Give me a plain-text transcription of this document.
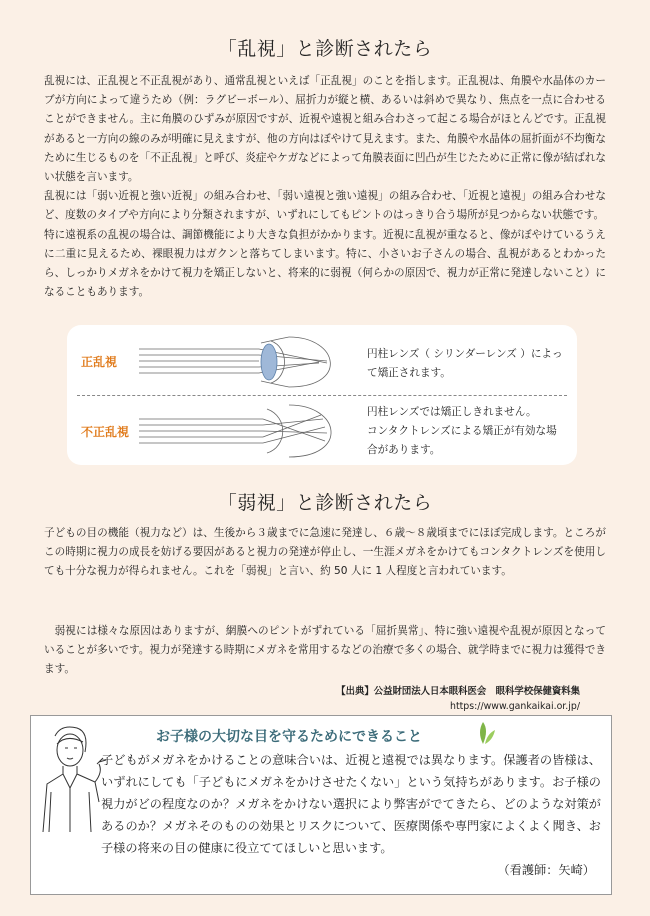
「乱視」と診断されたら

乱視には、正乱視と不正乱視があり、通常乱視といえば「正乱視」のことを指します。正乱視は、角膜や水晶体のカーブが方向によって違うため（例：ラグビーボール）、屈折力が縦と横、あるいは斜めで異なり、焦点を一点に合わせることができません。主に角膜のひずみが原因ですが、近視や遠視と組み合わさって起こる場合がほとんどです。正乱視があると一方向の線のみが明確に見えますが、他の方向はぼやけて見えます。また、角膜や水晶体の屈折面が不均衡なために生じるものを「不正乱視」と呼び、炎症やケガなどによって角膜表面に凹凸が生じたために正常に像が結ばれない状態を言います。

乱視には「弱い近視と強い近視」の組み合わせ、「弱い遠視と強い遠視」の組み合わせ、「近視と遠視」の組み合わせなど、度数のタイプや方向により分類されますが、いずれにしてもピントのはっきり合う場所が見つからない状態です。

特に遠視系の乱視の場合は、調節機能により大きな負担がかかります。近視に乱視が重なると、像がぼやけているうえに二重に見えるため、裸眼視力はガクンと落ちてしまいます。特に、小さいお子さんの場合、乱視があるとわかったら、しっかりメガネをかけて視力を矯正しないと、将来的に弱視（何らかの原因で、視力が正常に発達しないこと）になることもあります。

正乱視
円柱レンズ（ シリンダーレンズ ）によって矯正されます。
不正乱視
円柱レンズでは矯正しきれません。
コンタクトレンズによる矯正が有効な場合があります。
「弱視」と診断されたら
子どもの目の機能（視力など）は、生後から３歳までに急速に発達し、６歳〜８歳頃までにほぼ完成します。ところがこの時期に視力の成長を妨げる要因があると視力の発達が停止し、一生涯メガネをかけてもコンタクトレンズを使用しても十分な視力が得られません。これを「弱視」と言い、約 50 人に 1 人程度と言われています。
弱視には様々な原因はありますが、網膜へのピントがずれている「屈折異常」、特に強い遠視や乱視が原因となっていることが多いです。視力が発達する時期にメガネを常用するなどの治療で多くの場合、就学時までに視力は獲得できます。
【出典】公益財団法人日本眼科医会　眼科学校保健資料集
https://www.gankaikai.or.jp/
お子様の大切な目を守るためにできること

子どもがメガネをかけることの意味合いは、近視と遠視では異なります。保護者の皆様は、いずれにしても「子どもにメガネをかけさせたくない」という気持ちがあります。お子様の視力がどの程度なのか？メガネをかけない選択により弊害がでてきたら、どのような対策があるのか？メガネそのものの効果とリスクについて、医療関係や専門家によくよく聞き、お子様の将来の目の健康に役立ててほしいと思います。
（看護師：矢崎）
